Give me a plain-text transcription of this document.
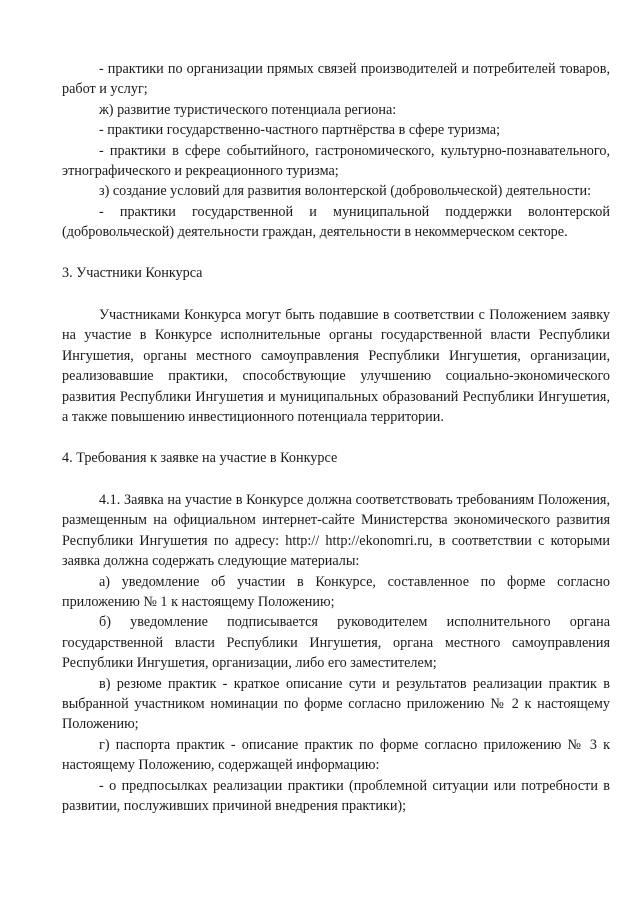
- практики по организации прямых связей производителей и потребителей товаров, работ и услуг;

ж) развитие туристического потенциала региона:

- практики государственно-частного партнёрства в сфере туризма;

- практики в сфере событийного, гастрономического, культурно-познавательного, этнографического и рекреационного туризма;

з) создание условий для развития волонтерской (добровольческой) деятельности:

- практики государственной и муниципальной поддержки волонтерской (добровольческой) деятельности граждан, деятельности в некоммерческом секторе.

3. Участники Конкурса

Участниками Конкурса могут быть подавшие в соответствии с Положением заявку на участие в Конкурсе исполнительные органы государственной власти Республики Ингушетия, органы местного самоуправления Республики Ингушетия, организации, реализовавшие практики, способствующие улучшению социально-экономического развития Республики Ингушетия и муниципальных образований Республики Ингушетия, а также повышению инвестиционного потенциала территории.

4. Требования к заявке на участие в Конкурсе

4.1. Заявка на участие в Конкурсе должна соответствовать требованиям Положения, размещенным на официальном интернет-сайте Министерства экономического развития Республики Ингушетия по адресу: http:// http://ekonomri.ru, в соответствии с которыми заявка должна содержать следующие материалы:

а) уведомление об участии в Конкурсе, составленное по форме согласно приложению № 1 к настоящему Положению;

б) уведомление подписывается руководителем исполнительного органа государственной власти Республики Ингушетия, органа местного самоуправления Республики Ингушетия, организации, либо его заместителем;

в) резюме практик - краткое описание сути и результатов реализации практик в выбранной участником номинации по форме согласно приложению № 2 к настоящему Положению;

г) паспорта практик - описание практик по форме согласно приложению № 3 к настоящему Положению, содержащей информацию:

- о предпосылках реализации практики (проблемной ситуации или потребности в развитии, послуживших причиной внедрения практики);
